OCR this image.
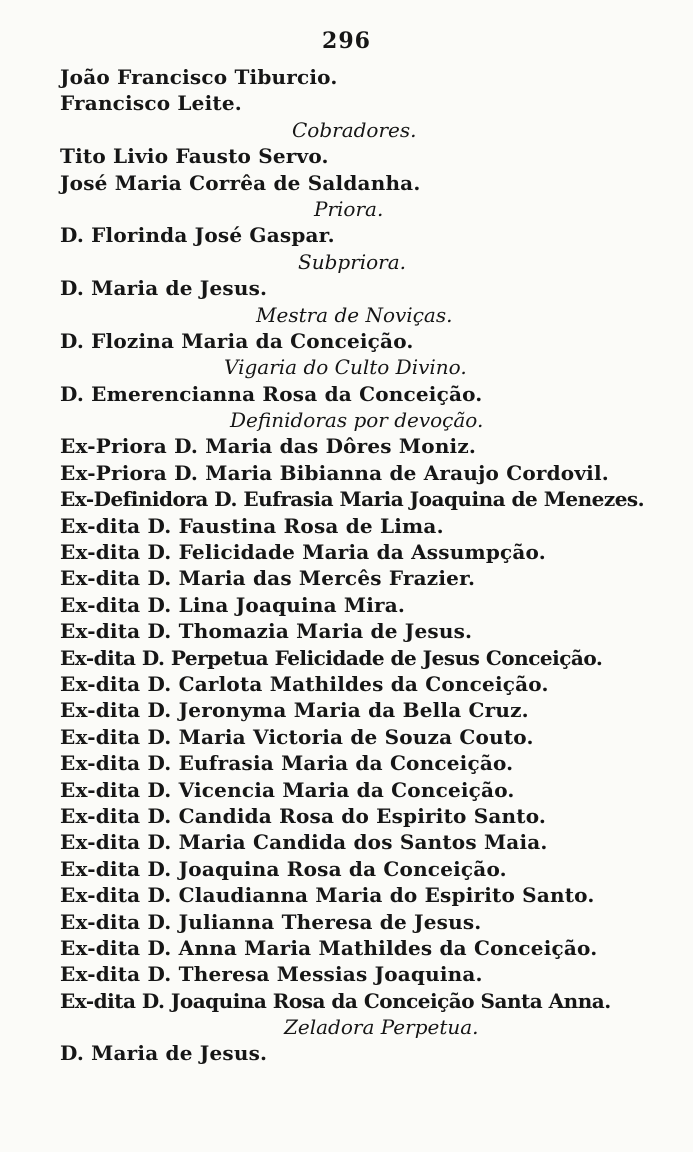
296
João Francisco Tiburcio.
Francisco Leite.
Cobradores.
Tito Livio Fausto Servo.
José Maria Corrêa de Saldanha.
Priora.
D. Florinda José Gaspar.
Subpriora.
D. Maria de Jesus.
Mestra de Noviças.
D. Flozina Maria da Conceição.
Vigaria do Culto Divino.
D. Emerencianna Rosa da Conceição.
Definidoras por devoção.
Ex-Priora D. Maria das Dôres Moniz.
Ex-Priora D. Maria Bibianna de Araujo Cordovil.
Ex-Definidora D. Eufrasia Maria Joaquina de Menezes.
Ex-dita D. Faustina Rosa de Lima.
Ex-dita D. Felicidade Maria da Assumpção.
Ex-dita D. Maria das Mercês Frazier.
Ex-dita D. Lina Joaquina Mira.
Ex-dita D. Thomazia Maria de Jesus.
Ex-dita D. Perpetua Felicidade de Jesus Conceição.
Ex-dita D. Carlota Mathildes da Conceição.
Ex-dita D. Jeronyma Maria da Bella Cruz.
Ex-dita D. Maria Victoria de Souza Couto.
Ex-dita D. Eufrasia Maria da Conceição.
Ex-dita D. Vicencia Maria da Conceição.
Ex-dita D. Candida Rosa do Espirito Santo.
Ex-dita D. Maria Candida dos Santos Maia.
Ex-dita D. Joaquina Rosa da Conceição.
Ex-dita D. Claudianna Maria do Espirito Santo.
Ex-dita D. Julianna Theresa de Jesus.
Ex-dita D. Anna Maria Mathildes da Conceição.
Ex-dita D. Theresa Messias Joaquina.
Ex-dita D. Joaquina Rosa da Conceição Santa Anna.
Zeladora Perpetua.
D. Maria de Jesus.
